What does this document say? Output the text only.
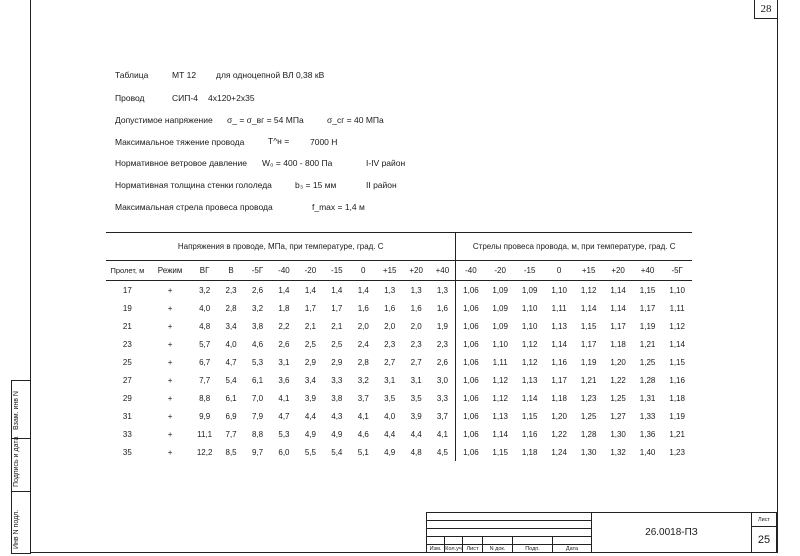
28
Таблица	МТ 12 для одноцепной ВЛ 0,38 кВ
Провод	СИП-4 4х120+2х35
Допустимое напряжение σ_ = σ_вг = 54 МПа	σ_сг = 40 МПа
Максимальное тяжение провода	Т^н = 7000 Н
Нормативное ветровое давление W₀ = 400 - 800 Па	I-IV район
Нормативная толщина стенки гололеда	b₃ = 15 мм	II район
Максимальная стрела провеса провода	f_max = 1,4 м
Напряжения в проводе, МПа, при температуре, град. С												Стрелы провеса провода, м, при температуре, град. С							
Пролет, м	Режим	ВГ	В	-5Г	-40	-20	-15	0	+15	+20	+40	-40	-20	-15	0	+15	+20	+40	-5Г
17	+	3,2	2,3	2,6	1,4	1,4	1,4	1,4	1,3	1,3	1,3	1,06	1,09	1,09	1,10	1,12	1,14	1,15	1,10
19	+	4,0	2,8	3,2	1,8	1,7	1,7	1,6	1,6	1,6	1,6	1,06	1,09	1,10	1,11	1,14	1,14	1,17	1,11
21	+	4,8	3,4	3,8	2,2	2,1	2,1	2,0	2,0	2,0	1,9	1,06	1,09	1,10	1,13	1,15	1,17	1,19	1,12
23	+	5,7	4,0	4,6	2,6	2,5	2,5	2,4	2,3	2,3	2,3	1,06	1,10	1,12	1,14	1,17	1,18	1,21	1,14
25	+	6,7	4,7	5,3	3,1	2,9	2,9	2,8	2,7	2,7	2,6	1,06	1,11	1,12	1,16	1,19	1,20	1,25	1,15
27	+	7,7	5,4	6,1	3,6	3,4	3,3	3,2	3,1	3,1	3,0	1,06	1,12	1,13	1,17	1,21	1,22	1,28	1,16
29	+	8,8	6,1	7,0	4,1	3,9	3,8	3,7	3,5	3,5	3,3	1,06	1,12	1,14	1,18	1,23	1,25	1,31	1,18
31	+	9,9	6,9	7,9	4,7	4,4	4,3	4,1	4,0	3,9	3,7	1,06	1,13	1,15	1,20	1,25	1,27	1,33	1,19
33	+	11,1	7,7	8,8	5,3	4,9	4,9	4,6	4,4	4,4	4,1	1,06	1,14	1,16	1,22	1,28	1,30	1,36	1,21
35	+	12,2	8,5	9,7	6,0	5,5	5,4	5,1	4,9	4,8	4,5	1,06	1,15	1,18	1,24	1,30	1,32	1,40	1,23
Взам. инв N
Подпись и дата
Инв N подл.	26.0018-ПЗ
Лист
25
Изм. Кол.уч Лист	N док.	Подп.	Дата
